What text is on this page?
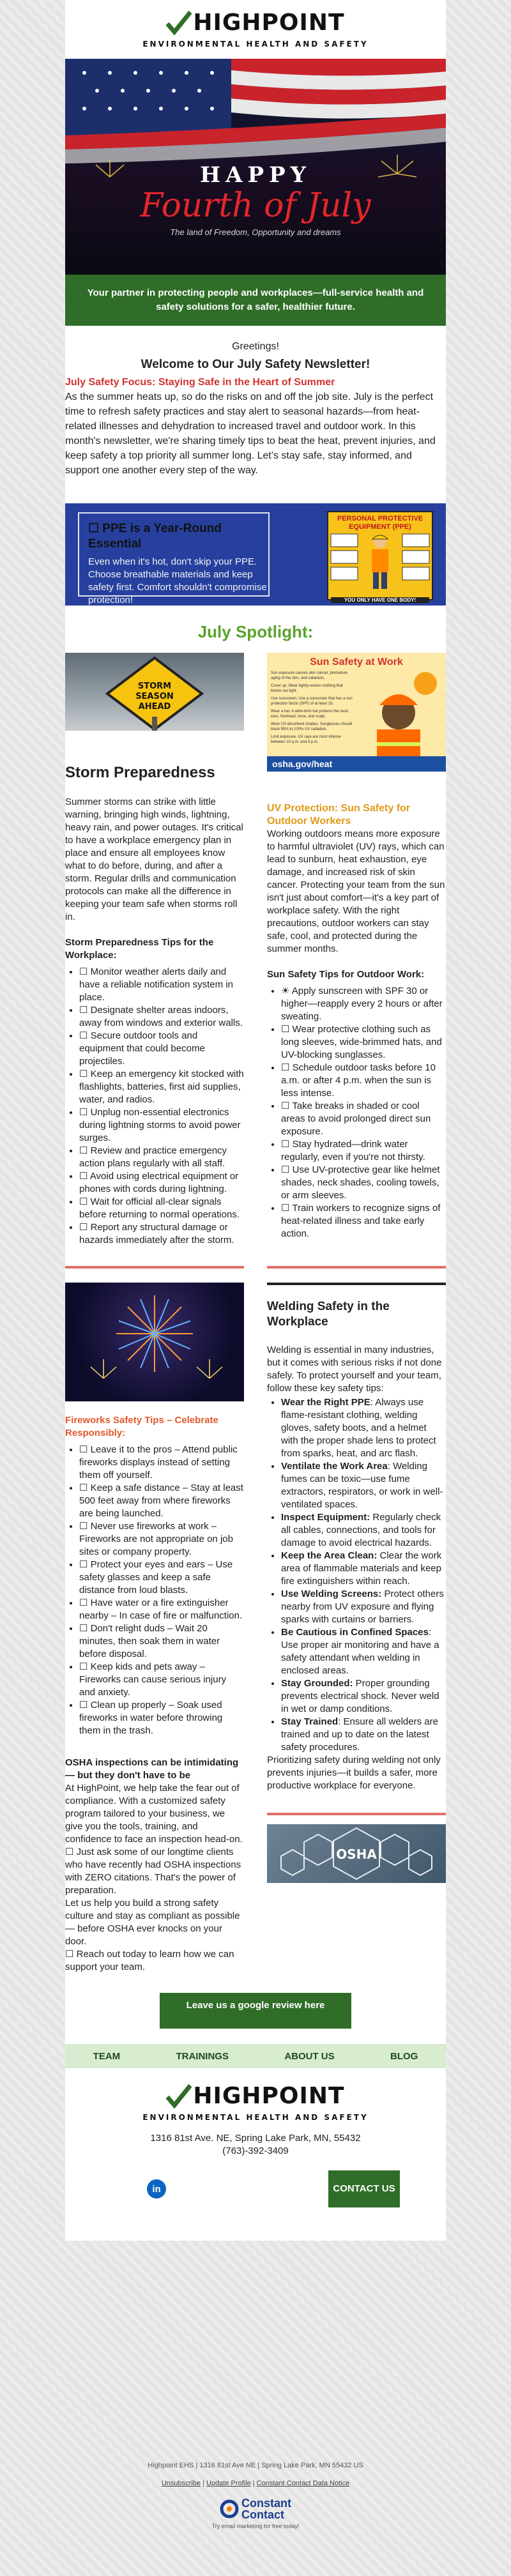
HIGHPOINT
ENVIRONMENTAL HEALTH AND SAFETY
HAPPY
Fourth of July
The land of Freedom, Opportunity and dreams
Your partner in protecting people and workplaces—full-service health and safety solutions for a safer, healthier future.
Greetings!
Welcome to Our July Safety Newsletter!
July Safety Focus: Staying Safe in the Heart of Summer

As the summer heats up, so do the risks on and off the job site. July is the perfect time to refresh safety practices and stay alert to seasonal hazards—from heat-related illnesses and dehydration to increased travel and outdoor work. In this month's newsletter, we're sharing timely tips to beat the heat, prevent injuries, and keep safety a top priority all summer long. Let's stay safe, stay informed, and support one another every step of the way.

☐ PPE is a Year-Round Essential
Even when it's hot, don't skip your PPE.
Choose breathable materials and keep safety first. Comfort shouldn't compromise protection!
PERSONAL PROTECTIVE EQUIPMENT (PPE)
YOU ONLY HAVE ONE BODY!
July Spotlight:
STORM
SEASON
AHEAD
Storm Preparedness
Summer storms can strike with little warning, bringing high winds, lightning, heavy rain, and power outages. It's critical to have a workplace emergency plan in place and ensure all employees know what to do before, during, and after a storm. Regular drills and communication protocols can make all the difference in keeping your team safe when storms roll in.
Storm Preparedness Tips for the Workplace:
• ☐ Monitor weather alerts daily and have a reliable notification system in place.
• ☐ Designate shelter areas indoors, away from windows and exterior walls.
• ☐ Secure outdoor tools and equipment that could become projectiles.
• ☐ Keep an emergency kit stocked with flashlights, batteries, first aid supplies, water, and radios.
• ☐ Unplug non-essential electronics during lightning storms to avoid power surges.
• ☐ Review and practice emergency action plans regularly with all staff.
• ☐ Avoid using electrical equipment or phones with cords during lightning.
• ☐ Wait for official all-clear signals before returning to normal operations.
• ☐ Report any structural damage or hazards immediately after the storm.
Sun Safety at Work
Sun exposure causes skin cancer, premature aging of the skin, and cataracts.
Cover up. Wear tightly-woven clothing that blocks out light.
Use sunscreen. Use a sunscreen that has a sun protection factor (SPF) of at least 15.
Wear a hat. A wide-brim hat protects the neck, ears, forehead, nose, and scalp.
Wear UV-absorbent shades. Sunglasses should block 99% to 100% UV radiation.
Limit exposure. UV rays are most intense between 10 a.m. and 4 p.m.
osha.gov/heat
UV Protection: Sun Safety for Outdoor Workers
Working outdoors means more exposure to harmful ultraviolet (UV) rays, which can lead to sunburn, heat exhaustion, eye damage, and increased risk of skin cancer. Protecting your team from the sun isn't just about comfort—it's a key part of workplace safety. With the right precautions, outdoor workers can stay safe, cool, and protected during the summer months.
Sun Safety Tips for Outdoor Work:
• ☀ Apply sunscreen with SPF 30 or higher—reapply every 2 hours or after sweating.
• ☐ Wear protective clothing such as long sleeves, wide-brimmed hats, and UV-blocking sunglasses.
• ☐ Schedule outdoor tasks before 10 a.m. or after 4 p.m. when the sun is less intense.
• ☐ Take breaks in shaded or cool areas to avoid prolonged direct sun exposure.
• ☐ Stay hydrated—drink water regularly, even if you're not thirsty.
• ☐ Use UV-protective gear like helmet shades, neck shades, cooling towels, or arm sleeves.
• ☐ Train workers to recognize signs of heat-related illness and take early action.
Fireworks Safety Tips – Celebrate Responsibly:
• ☐ Leave it to the pros – Attend public fireworks displays instead of setting them off yourself.
• ☐ Keep a safe distance – Stay at least 500 feet away from where fireworks are being launched.
• ☐ Never use fireworks at work – Fireworks are not appropriate on job sites or company property.
• ☐ Protect your eyes and ears – Use safety glasses and keep a safe distance from loud blasts.
• ☐ Have water or a fire extinguisher nearby – In case of fire or malfunction.
• ☐ Don't relight duds – Wait 20 minutes, then soak them in water before disposal.
• ☐ Keep kids and pets away – Fireworks can cause serious injury and anxiety.
• ☐ Clean up properly – Soak used fireworks in water before throwing them in the trash.
OSHA inspections can be intimidating — but they don't have to be
At HighPoint, we help take the fear out of compliance. With a customized safety program tailored to your business, we give you the tools, training, and confidence to face an inspection head-on.
☐ Just ask some of our longtime clients who have recently had OSHA inspections with ZERO citations. That's the power of preparation.
Let us help you build a strong safety culture and stay as compliant as possible — before OSHA ever knocks on your door.
☐ Reach out today to learn how we can support your team.
Welding Safety in the Workplace
Welding is essential in many industries, but it comes with serious risks if not done safely. To protect yourself and your team, follow these key safety tips:
• Wear the Right PPE: Always use flame-resistant clothing, welding gloves, safety boots, and a helmet with the proper shade lens to protect from sparks, heat, and arc flash.
• Ventilate the Work Area: Welding fumes can be toxic—use fume extractors, respirators, or work in well-ventilated spaces.
• Inspect Equipment: Regularly check all cables, connections, and tools for damage to avoid electrical hazards.
• Keep the Area Clean: Clear the work area of flammable materials and keep fire extinguishers within reach.
• Use Welding Screens: Protect others nearby from UV exposure and flying sparks with curtains or barriers.
• Be Cautious in Confined Spaces: Use proper air monitoring and have a safety attendant when welding in enclosed areas.
• Stay Grounded: Proper grounding prevents electrical shock. Never weld in wet or damp conditions.
• Stay Trained: Ensure all welders are trained and up to date on the latest safety procedures.
Prioritizing safety during welding not only prevents injuries—it builds a safer, more productive workplace for everyone.
OSHA
Leave us a google review here
TEAM	TRAININGS	ABOUT US	BLOG
HIGHPOINT
ENVIRONMENTAL HEALTH AND SAFETY
1316 81st Ave. NE, Spring Lake Park, MN, 55432
(763)-392-3409
in	CONTACT US
Highpoint EHS | 1316 81st Ave NE | Spring Lake Park, MN 55432 US
Unsubscribe | Update Profile | Constant Contact Data Notice
Constant
Contact
Try email marketing for free today!
